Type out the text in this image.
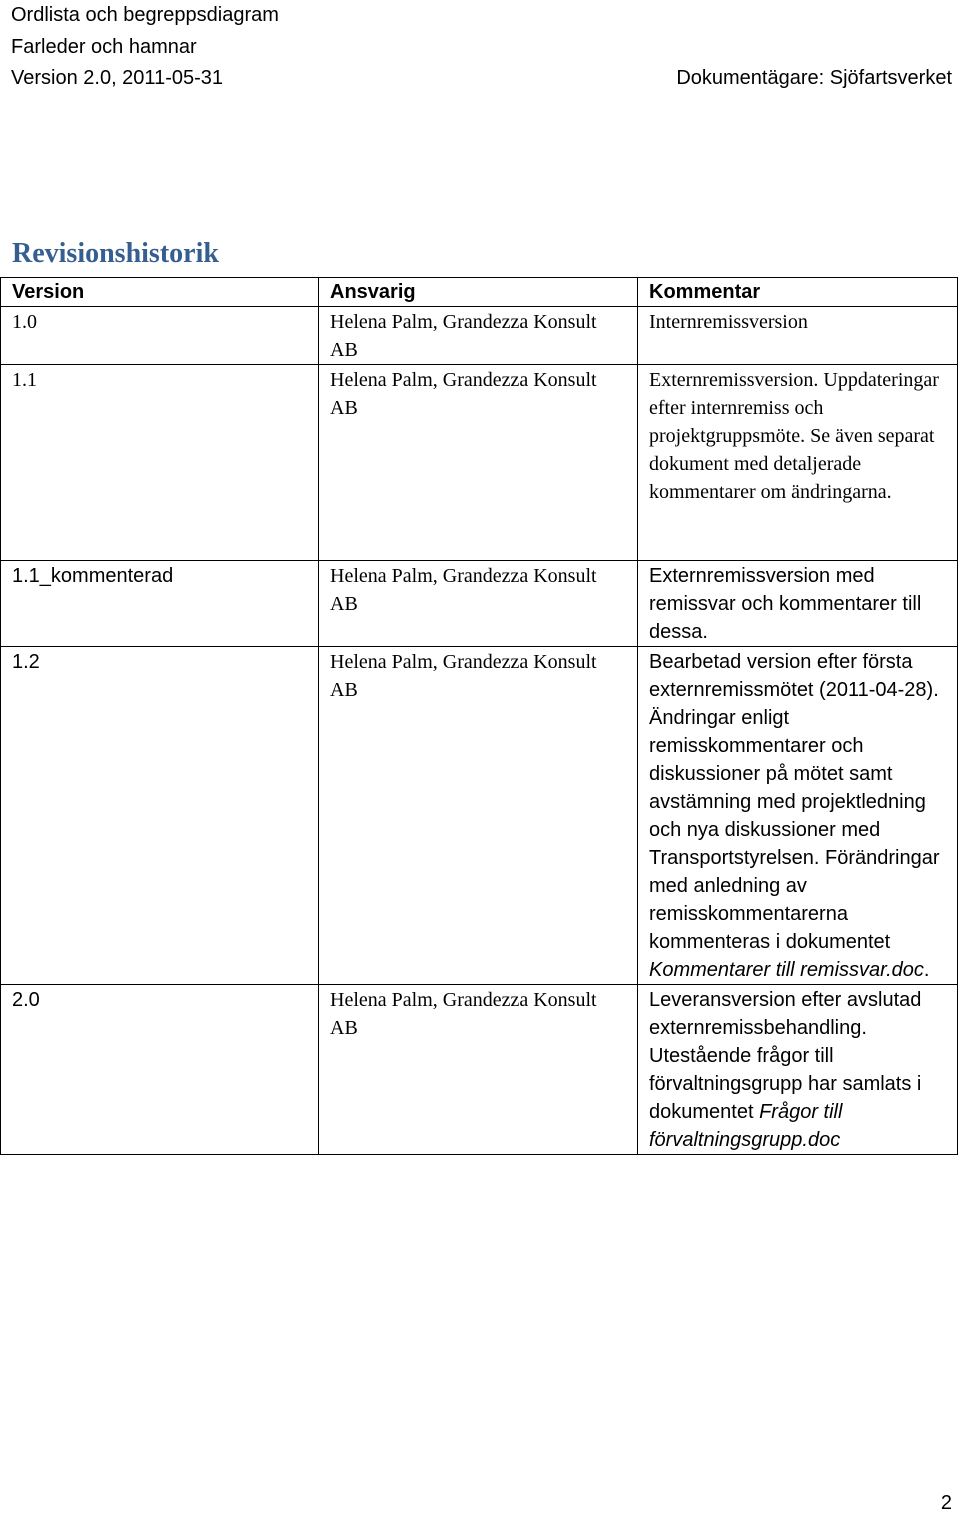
Ordlista och begreppsdiagram
Farleder och hamnar
Version 2.0, 2011-05-31	Dokumentägare: Sjöfartsverket
Revisionshistorik
Version	Ansvarig	Kommentar
1.0	Helena Palm, Grandezza Konsult AB	Internremissversion
1.1	Helena Palm, Grandezza Konsult AB	Externremissversion. Uppdateringar efter internremiss och projektgruppsmöte. Se även separat dokument med detaljerade kommentarer om ändringarna.
1.1_kommenterad	Helena Palm, Grandezza Konsult AB	Externremissversion med remissvar och kommentarer till dessa.
1.2	Helena Palm, Grandezza Konsult AB	Bearbetad version efter första externremissmötet (2011-04-28). Ändringar enligt remisskommentarer och diskussioner på mötet samt avstämning med projektledning och nya diskussioner med Transportstyrelsen. Förändringar med anledning av remisskommentarerna kommenteras i dokumentet Kommentarer till remissvar.doc.
2.0	Helena Palm, Grandezza Konsult AB	Leveransversion efter avslutad externremissbehandling. Utestående frågor till förvaltningsgrupp har samlats i dokumentet Frågor till förvaltningsgrupp.doc
2
